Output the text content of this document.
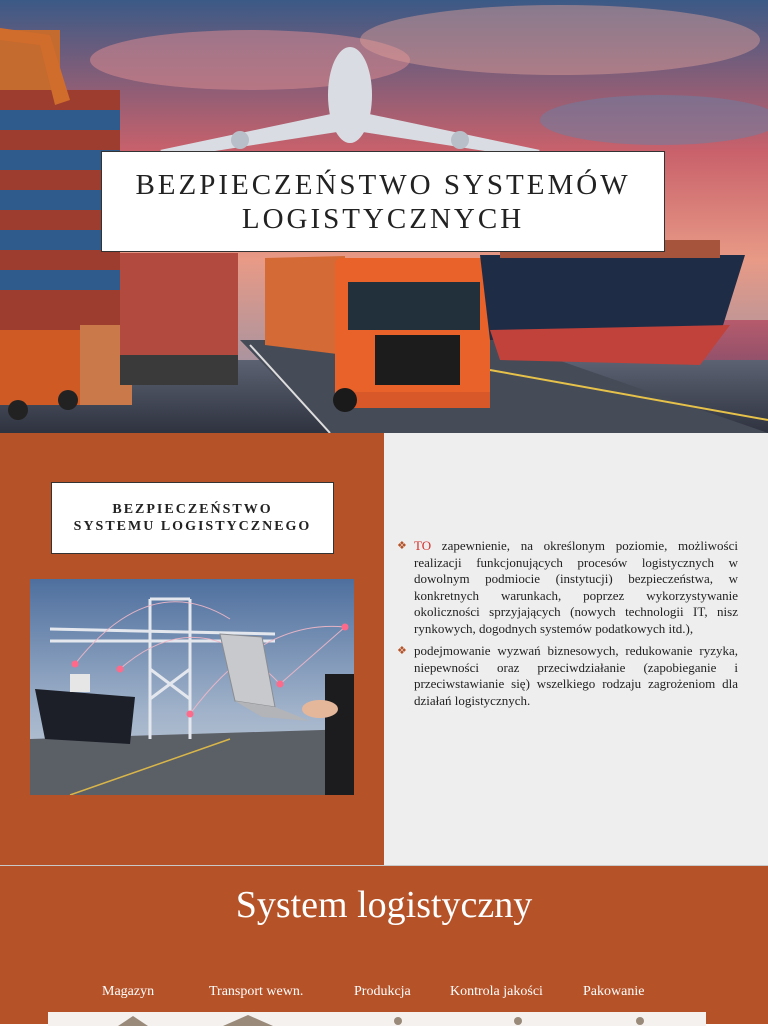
BEZPIECZEŃSTWO SYSTEMÓW
LOGISTYCZNYCH
BEZPIECZEŃSTWO
SYSTEMU LOGISTYCZNEGO
❖ TO zapewnienie, na określonym poziomie, możliwości realizacji funkcjonujących procesów logistycznych w dowolnym podmiocie (instytucji) bezpieczeństwa, w konkretnych warunkach, poprzez wykorzystywanie okoliczności sprzyjających (nowych technologii IT, nisz rynkowych, dogodnych systemów podatkowych itd.),
❖ podejmowanie wyzwań biznesowych, redukowanie ryzyka, niepewności oraz przeciwdziałanie (zapobieganie i przeciwstawianie się) wszelkiego rodzaju zagrożeniom dla działań logistycznych.
System logistyczny
Magazyn	Transport wewn.	Produkcja	Kontrola jakości	Pakowanie
